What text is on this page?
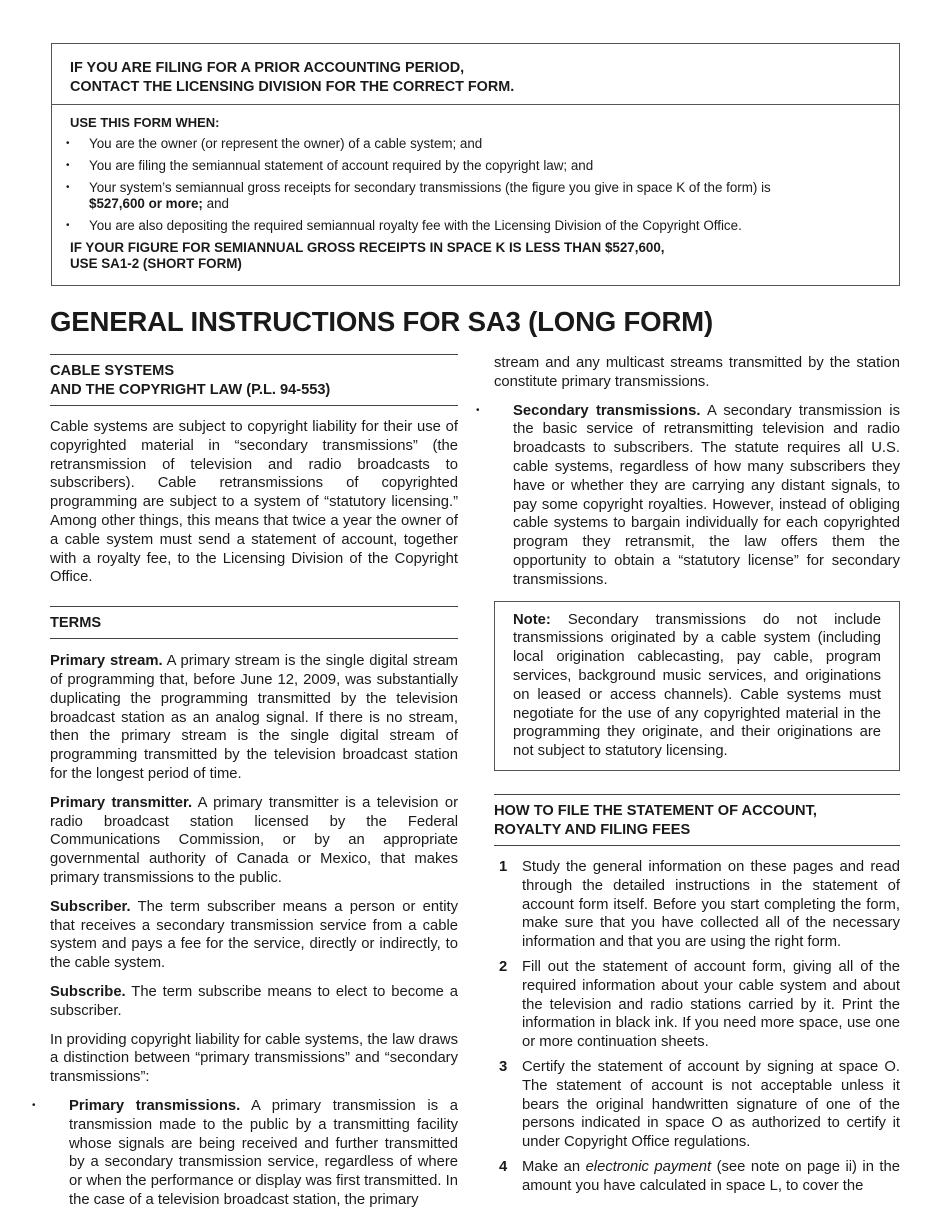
IF YOU ARE FILING FOR A PRIOR ACCOUNTING PERIOD,
CONTACT THE LICENSING DIVISION FOR THE CORRECT FORM.
USE THIS FORM WHEN:
• You are the owner (or represent the owner) of a cable system; and
• You are filing the semiannual statement of account required by the copyright law; and
• Your system’s semiannual gross receipts for secondary transmissions (the figure you give in space K of the form) is
$527,600 or more; and
• You are also depositing the required semiannual royalty fee with the Licensing Division of the Copyright Office.
IF YOUR FIGURE FOR SEMIANNUAL GROSS RECEIPTS IN SPACE K IS LESS THAN $527,600,
USE SA1-2 (SHORT FORM)
GENERAL INSTRUCTIONS FOR SA3 (LONG FORM)
CABLE SYSTEMS
AND THE COPYRIGHT LAW (P.L. 94-553)

Cable systems are subject to copyright liability for their use of copyrighted material in “secondary transmissions” (the retransmission of television and radio broadcasts to subscribers). Cable retransmissions of copyrighted programming are subject to a system of “statutory licensing.” Among other things, this means that twice a year the owner of a cable system must send a statement of account, together with a royalty fee, to the Licensing Division of the Copyright Office.

TERMS

Primary stream. A primary stream is the single digital stream of programming that, before June 12, 2009, was substantially duplicating the programming transmitted by the television broadcast station as an analog signal. If there is no stream, then the primary stream is the single digital stream of programming transmitted by the television broadcast station for the longest period of time.

Primary transmitter. A primary transmitter is a television or radio broadcast station licensed by the Federal Communications Commission, or by an appropriate governmental authority of Canada or Mexico, that makes primary transmissions to the public.

Subscriber. The term subscriber means a person or entity that receives a secondary transmission service from a cable system and pays a fee for the service, directly or indirectly, to the cable system.

Subscribe. The term subscribe means to elect to become a subscriber.

In providing copyright liability for cable systems, the law draws a distinction between “primary transmissions” and “secondary transmissions”:

• Primary transmissions. A primary transmission is a transmission made to the public by a transmitting facility whose signals are being received and further transmitted by a secondary transmission service, regardless of where or when the performance or display was first transmitted. In the case of a television broadcast station, the primary

stream and any multicast streams transmitted by the station constitute primary transmissions.

• Secondary transmissions. A secondary transmission is the basic service of retransmitting television and radio broadcasts to subscribers. The statute requires all U.S. cable systems, regardless of how many subscribers they have or whether they are carrying any distant signals, to pay some copyright royalties. However, instead of obliging cable systems to bargain individually for each copyrighted program they retransmit, the law offers them the opportunity to obtain a “statutory license” for secondary transmissions.

Note: Secondary transmissions do not include transmissions originated by a cable system (including local origination cablecasting, pay cable, program services, background music services, and originations on leased or access channels). Cable systems must negotiate for the use of any copyrighted material in the programming they originate, and their originations are not subject to statutory licensing.
HOW TO FILE THE STATEMENT OF ACCOUNT,
ROYALTY AND FILING FEES
1 Study the general information on these pages and read through the detailed instructions in the statement of account form itself. Before you start completing the form, make sure that you have collected all of the necessary information and that you are using the right form.
2 Fill out the statement of account form, giving all of the required information about your cable system and about the television and radio stations carried by it. Print the information in black ink. If you need more space, use one or more continuation sheets.
3 Certify the statement of account by signing at space O. The statement of account is not acceptable unless it bears the original handwritten signature of one of the persons indicated in space O as authorized to certify it under Copyright Office regulations.
4 Make an electronic payment (see note on page ii) in the amount you have calculated in space L, to cover the
